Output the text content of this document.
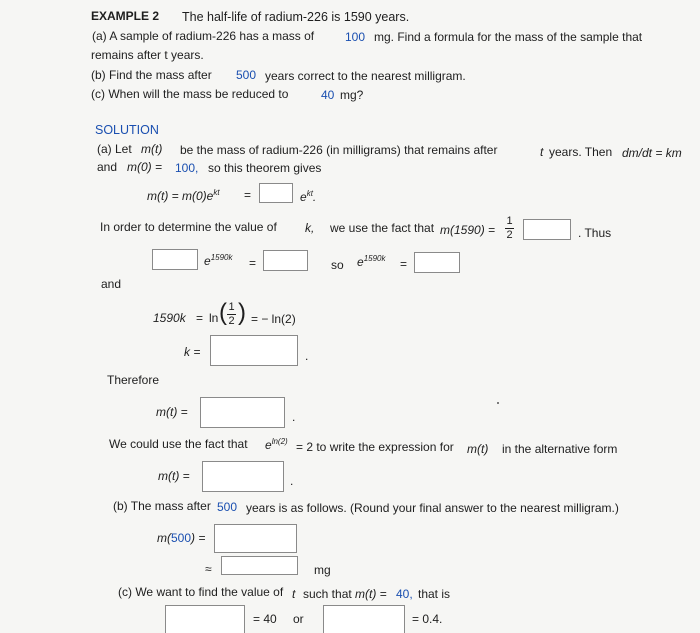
EXAMPLE 2 The half-life of radium-226 is 1590 years.
(a) A sample of radium-226 has a mass of	100 mg. Find a formula for the mass of the sample that
remains after t years.
(b) Find the mass after 500 years correct to the nearest milligram.
(c) When will the mass be reduced to	40 mg?
SOLUTION
(a) Let m(t) be the mass of radium-226 (in milligrams) that remains after	t years. Then dm/dt = km
and m(0) = 100, so this theorem gives
$m(t) = m(0)e^{kt}$ =	$e^{kt}$.
In order to determine the value of k, we use the fact that m(1590) =
1
2	. Thus
$e^{1590k}$ =	so $e^{1590k}$ =
and
1590k = ln ( 1
2 ) = − ln(2)
k =	.
Therefore
m(t) =	.
We could use the fact that $e^{ln(2)} = 2$ to write the expression for m(t) in the alternative form
m(t) =	.
(b) The mass after 500 years is as follows. (Round your final answer to the nearest milligram.)
m(500) =
≈	mg
(c) We want to find the value of t such that m(t) = 40, that is
= 40 or	= 0.4.
